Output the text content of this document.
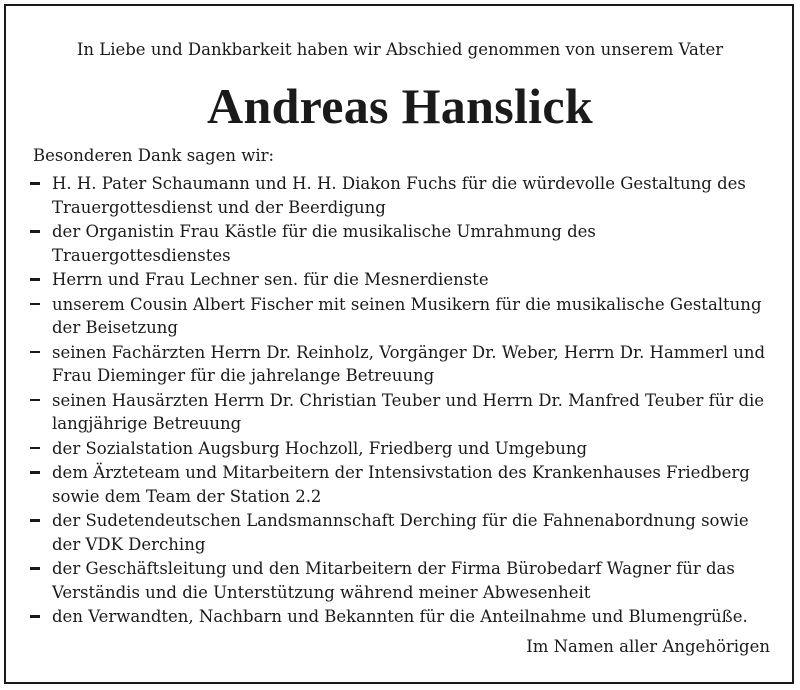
In Liebe und Dankbarkeit haben wir Abschied genommen von unserem Vater
Andreas Hanslick
Besonderen Dank sagen wir:
H. H. Pater Schaumann und H. H. Diakon Fuchs für die würdevolle Gestaltung des Trauergottesdienst und der Beerdigung
der Organistin Frau Kästle für die musikalische Umrahmung des Trauergottesdienstes
Herrn und Frau Lechner sen. für die Mesnerdienste
unserem Cousin Albert Fischer mit seinen Musikern für die musikalische Gestaltung der Beisetzung
seinen Fachärzten Herrn Dr. Reinholz, Vorgänger Dr. Weber, Herrn Dr. Hammerl und Frau Dieminger für die jahrelange Betreuung
seinen Hausärzten Herrn Dr. Christian Teuber und Herrn Dr. Manfred Teuber für die langjährige Betreuung
der Sozialstation Augsburg Hochzoll, Friedberg und Umgebung
dem Ärzteteam und Mitarbeitern der Intensivstation des Krankenhauses Friedberg sowie dem Team der Station 2.2
der Sudetendeutschen Landsmannschaft Derching für die Fahnenabordnung sowie der VDK Derching
der Geschäftsleitung und den Mitarbeitern der Firma Bürobedarf Wagner für das Verständis und die Unterstützung während meiner Abwesenheit
den Verwandten, Nachbarn und Bekannten für die Anteilnahme und Blumengrüße.
Im Namen aller Angehörigen
